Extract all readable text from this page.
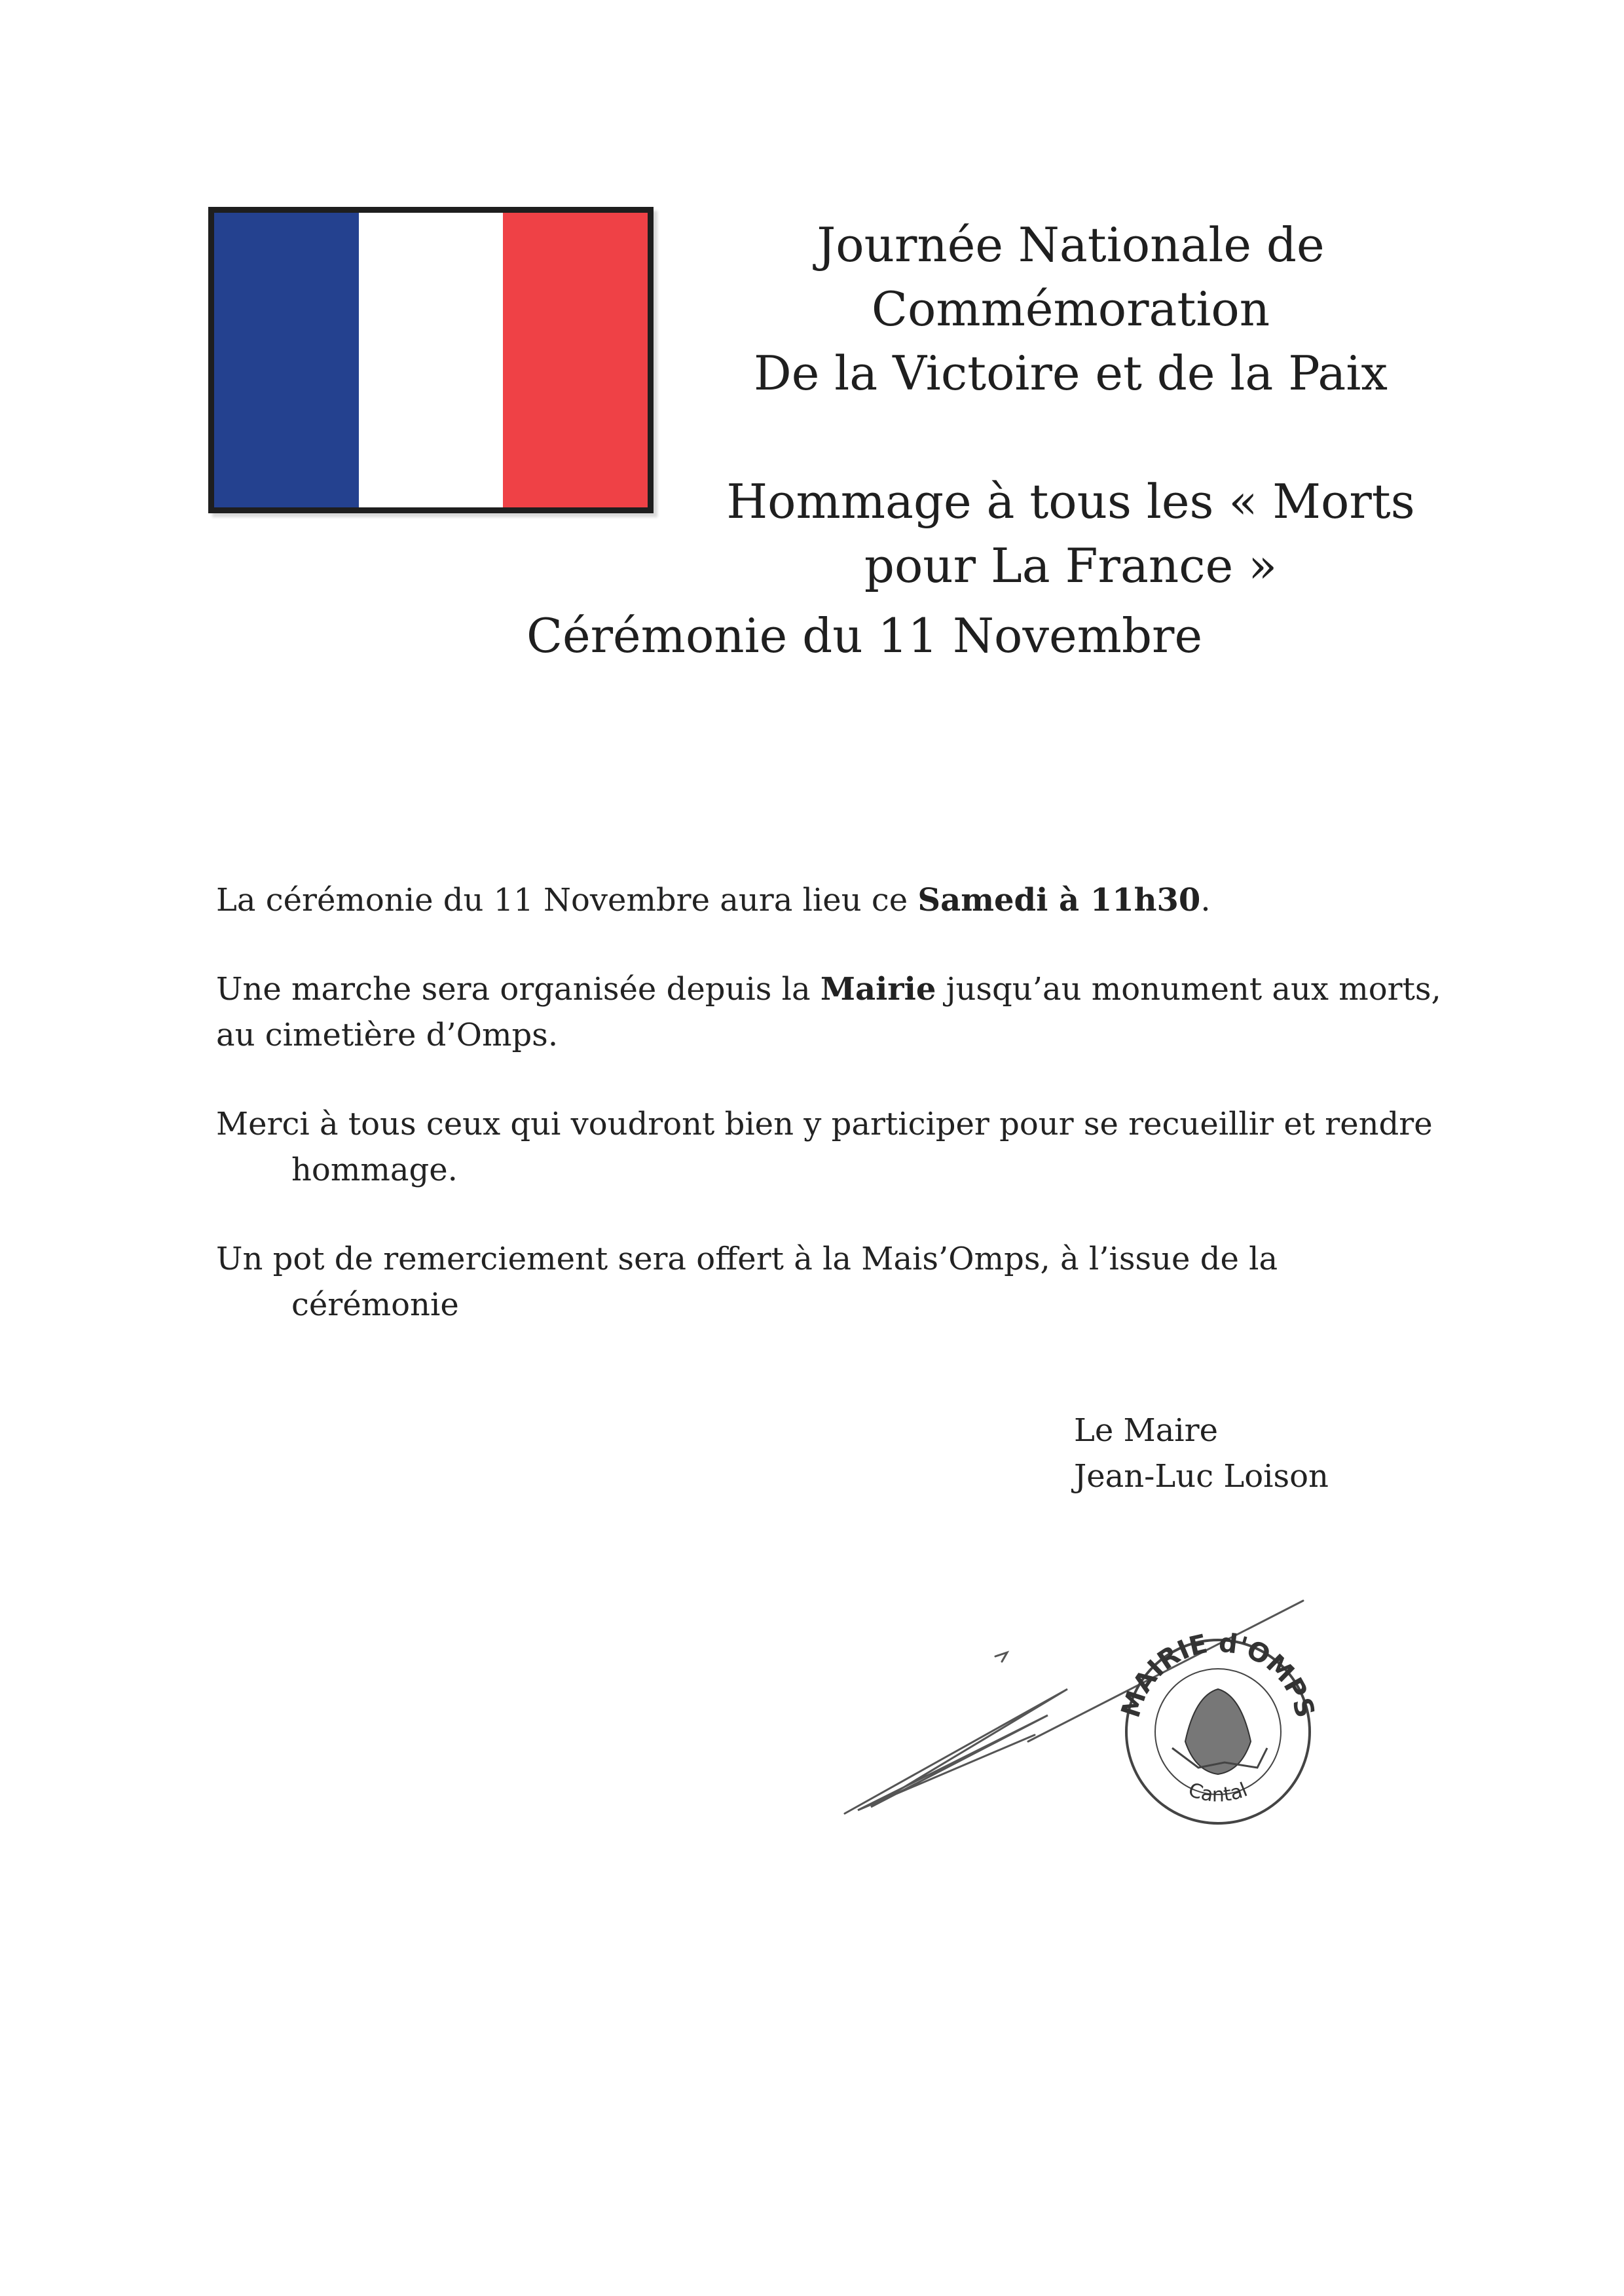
Journée Nationale de
Commémoration
De la Victoire et de la Paix
Hommage à tous les « Morts
pour La France »
Cérémonie du 11 Novembre

La cérémonie du 11 Novembre aura lieu ce Samedi à 11h30.

Une marche sera organisée depuis la Mairie jusqu’au monument aux morts,
au cimetière d’Omps.

Merci à tous ceux qui voudront bien y participer pour se recueillir et rendre
hommage.

Un pot de remerciement sera offert à la Mais’Omps, à l’issue de la
cérémonie

Le Maire
Jean-Luc Loison
MAIRIE d'OMPS
Cantal
